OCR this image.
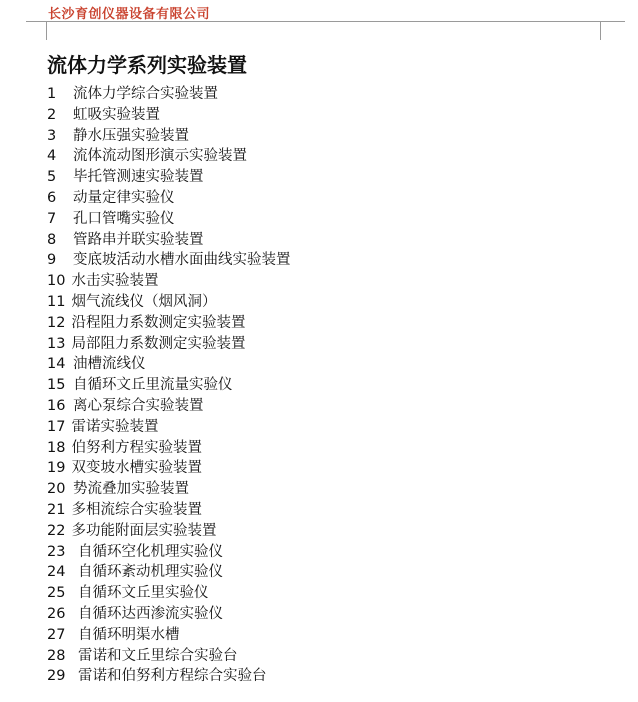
长沙育创仪器设备有限公司
流体力学系列实验装置
1	流体力学综合实验装置
2	虹吸实验装置
3	静水压强实验装置
4	流体流动图形演示实验装置
5	毕托管测速实验装置
6	动量定律实验仪
7	孔口管嘴实验仪
8	管路串并联实验装置
9	变底坡活动水槽水面曲线实验装置
10 水击实验装置
11 烟气流线仪（烟风洞）
12 沿程阻力系数测定实验装置
13 局部阻力系数测定实验装置
14 油槽流线仪
15 自循环文丘里流量实验仪
16 离心泵综合实验装置
17 雷诺实验装置
18 伯努利方程实验装置
19 双变坡水槽实验装置
20 势流叠加实验装置
21 多相流综合实验装置
22 多功能附面层实验装置
23 自循环空化机理实验仪
24 自循环紊动机理实验仪
25 自循环文丘里实验仪
26 自循环达西渗流实验仪
27 自循环明渠水槽
28 雷诺和文丘里综合实验台
29 雷诺和伯努利方程综合实验台
